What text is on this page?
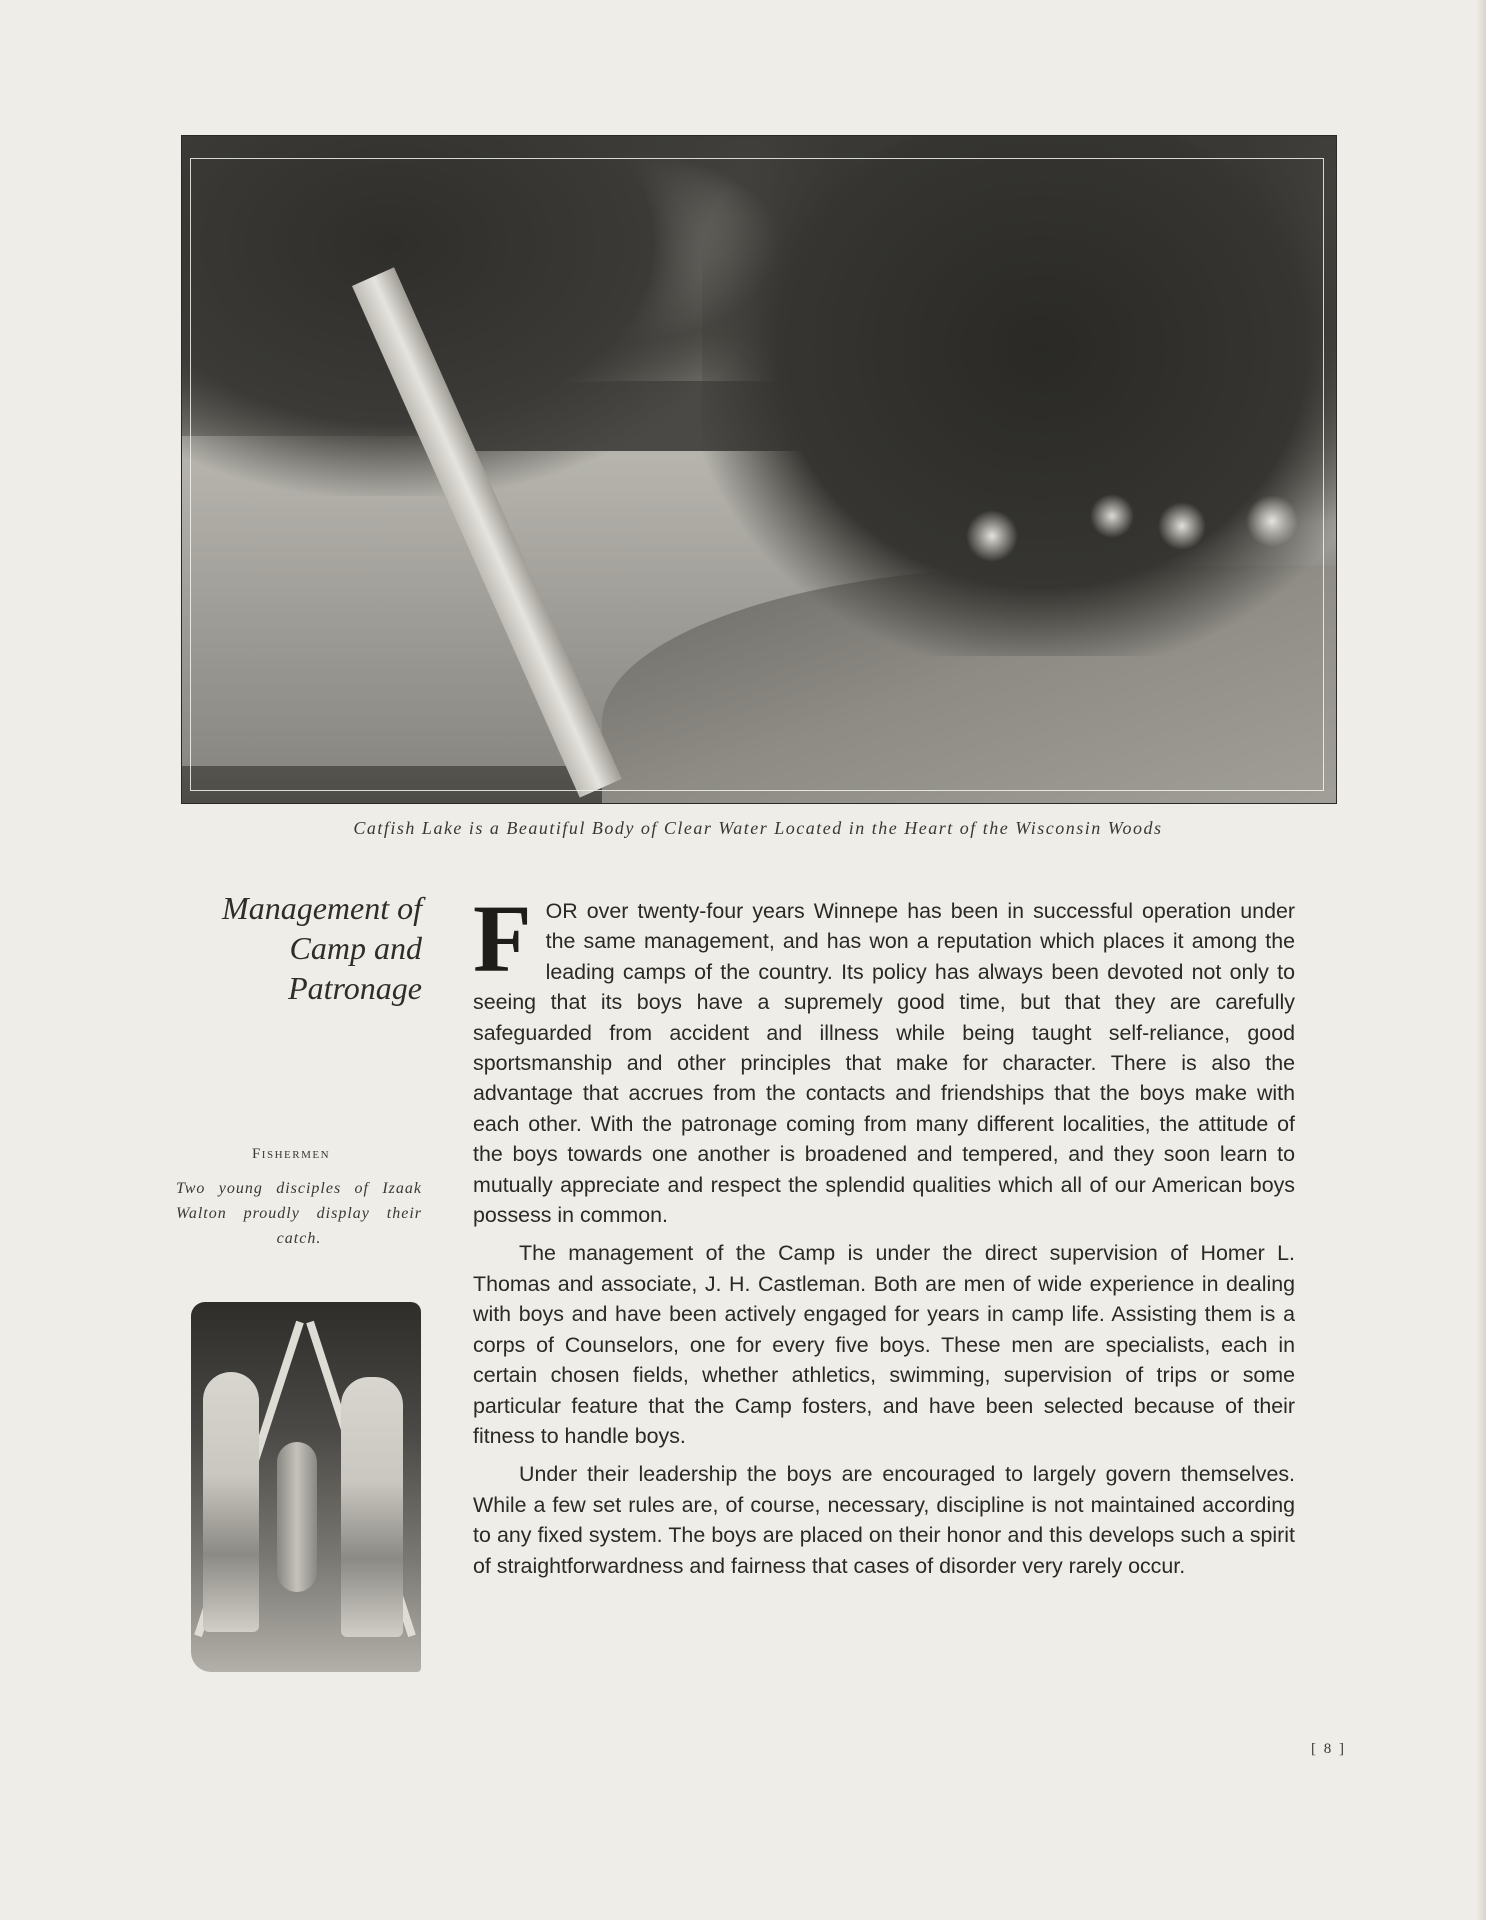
Catfish Lake is a Beautiful Body of Clear Water Located in the Heart of the Wisconsin Woods
Management of
Camp and
Patronage
Fishermen
Two young disciples of Izaak Walton proudly display their catch.

FOR over twenty-four years Winnepe has been in successful operation under the same management, and has won a reputation which places it among the leading camps of the country. Its policy has always been devoted not only to seeing that its boys have a supremely good time, but that they are carefully safeguarded from accident and illness while being taught self-reliance, good sportsmanship and other principles that make for character. There is also the advantage that accrues from the contacts and friendships that the boys make with each other. With the patronage coming from many different localities, the attitude of the boys towards one another is broadened and tempered, and they soon learn to mutually appreciate and respect the splendid qualities which all of our American boys possess in common.

The management of the Camp is under the direct supervision of Homer L. Thomas and associate, J. H. Castleman. Both are men of wide experience in dealing with boys and have been actively engaged for years in camp life. Assisting them is a corps of Counselors, one for every five boys. These men are specialists, each in certain chosen fields, whether athletics, swimming, supervision of trips or some particular feature that the Camp fosters, and have been selected because of their fitness to handle boys.

Under their leadership the boys are encouraged to largely govern themselves. While a few set rules are, of course, necessary, discipline is not maintained according to any fixed system. The boys are placed on their honor and this develops such a spirit of straightforwardness and fairness that cases of disorder very rarely occur.

[ 8 ]
